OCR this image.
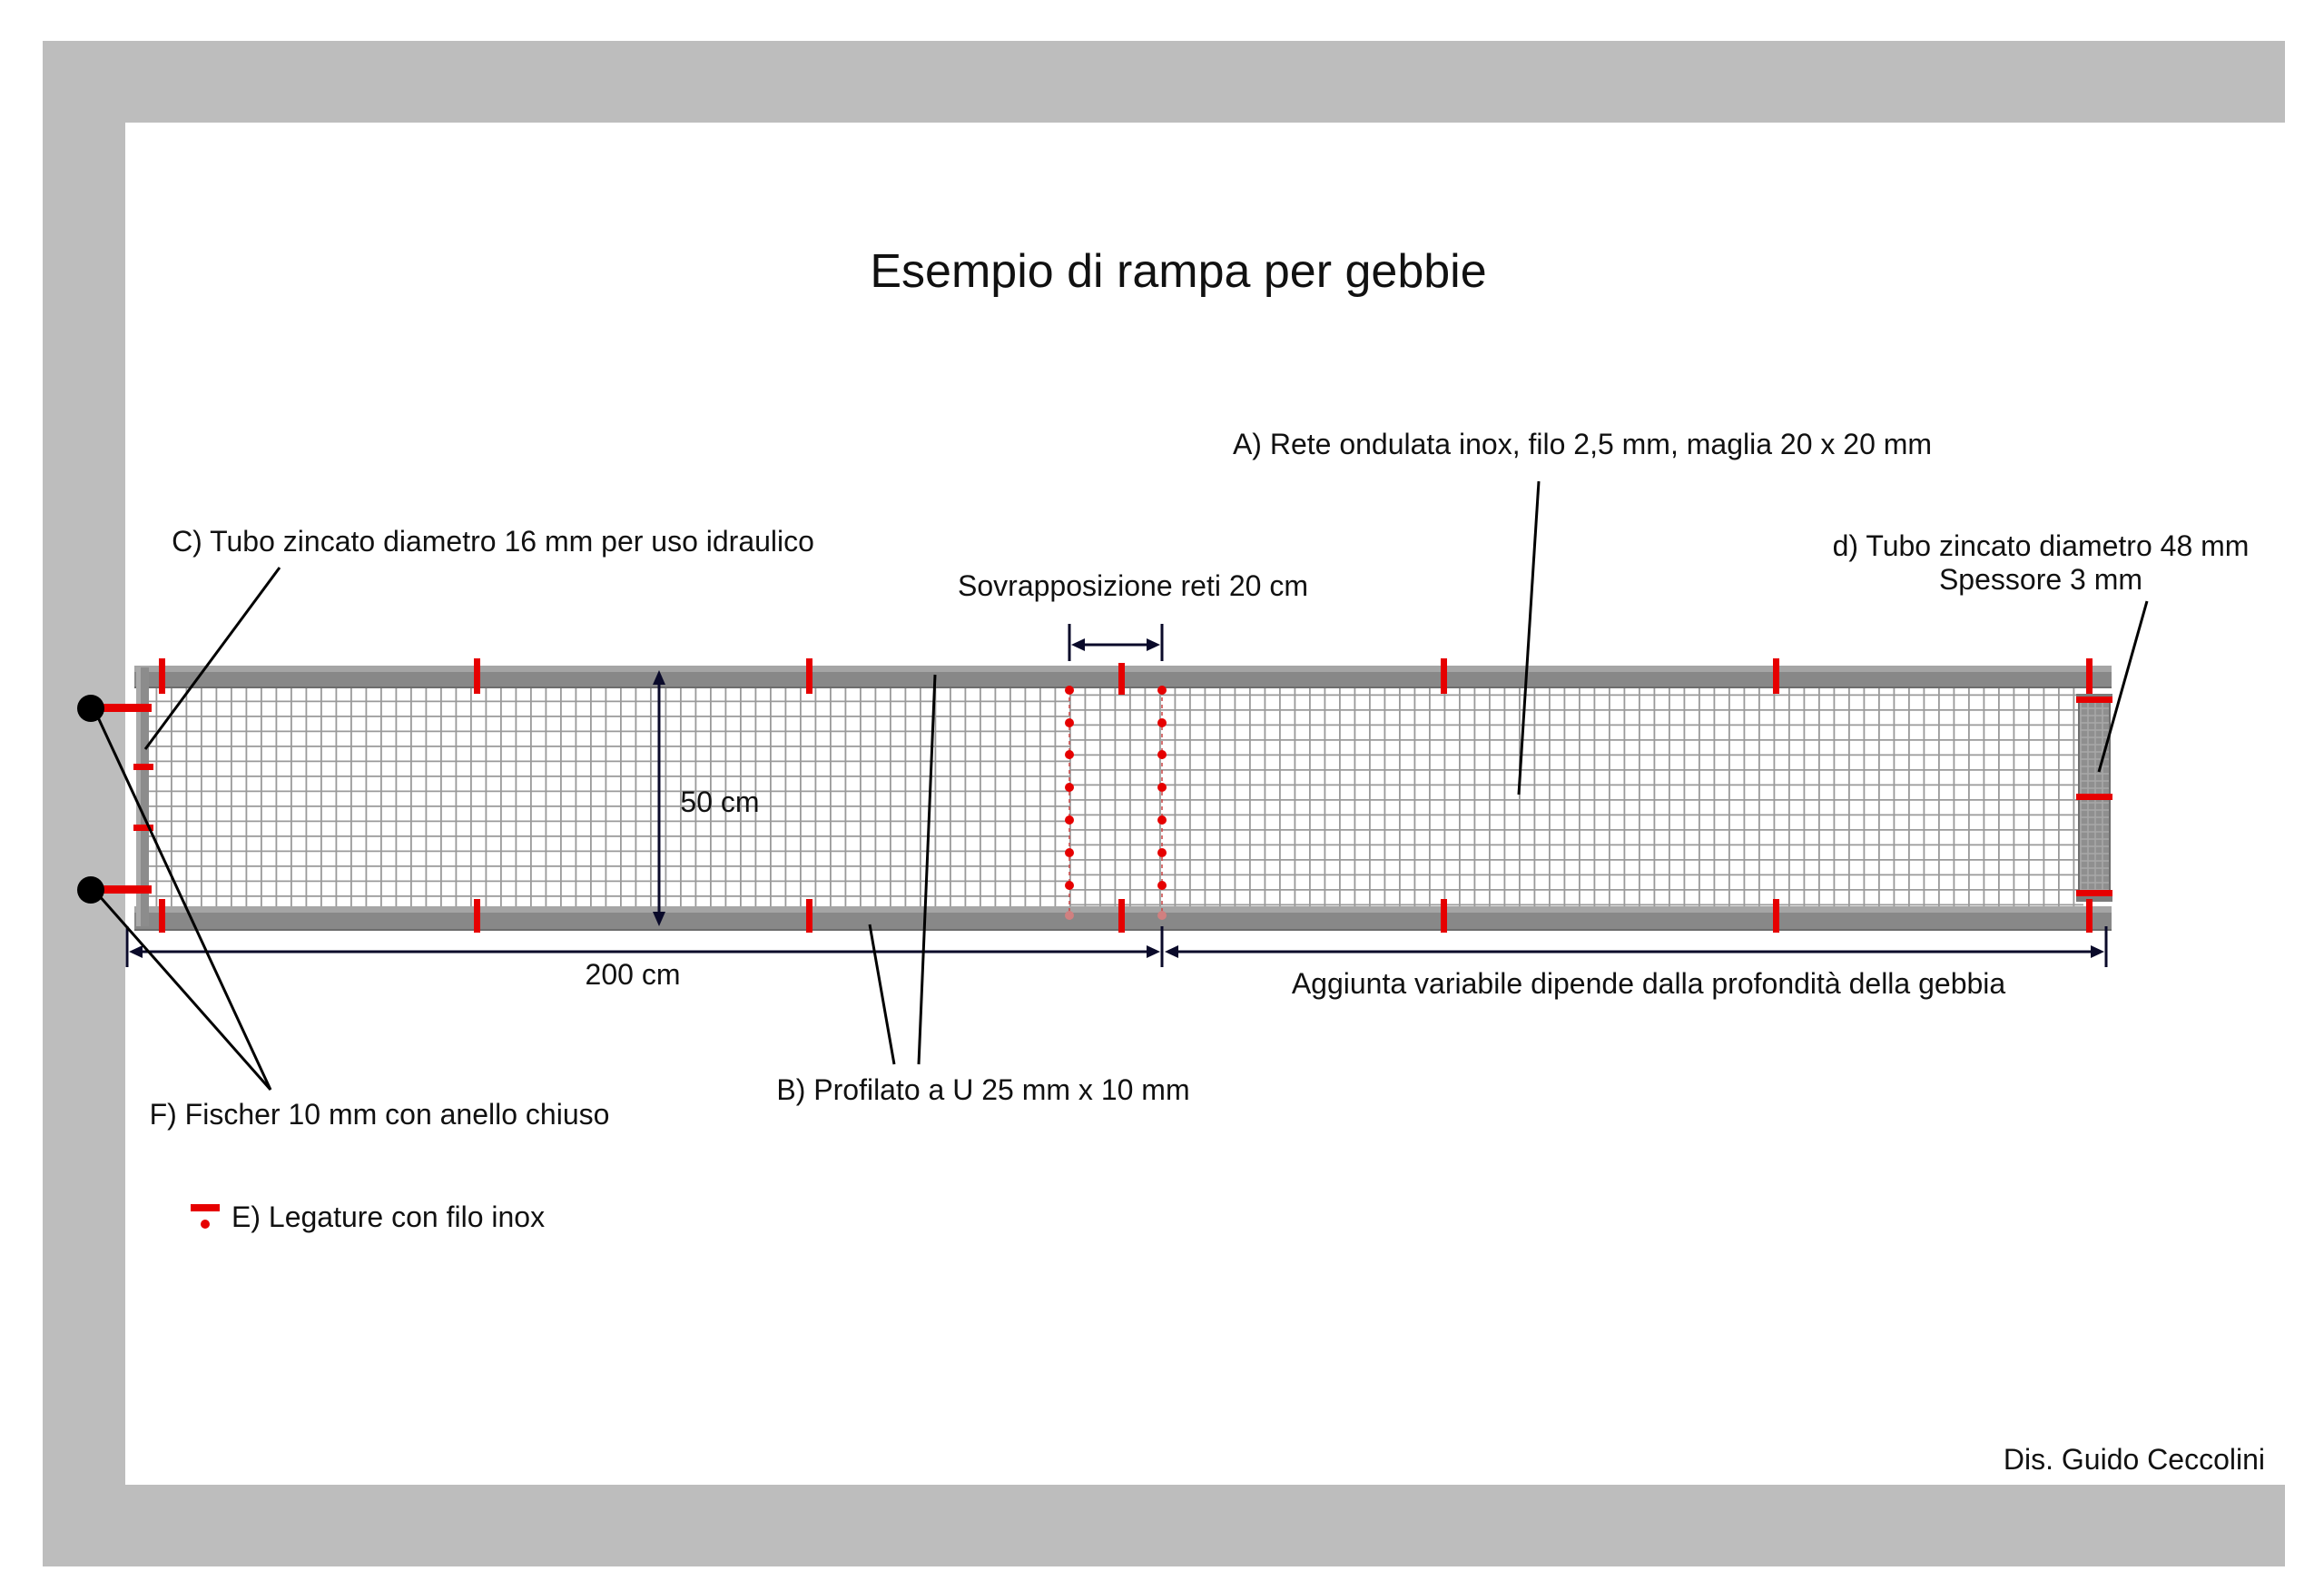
Esempio di rampa per gebbie
A) Rete ondulata inox, filo 2,5 mm, maglia 20 x 20 mm
C) Tubo zincato diametro 16 mm per uso idraulico	d) Tubo zincato diametro 48 mm
Spessore 3 mm
Sovrapposizione reti 20 cm
50 cm
200 cm	Aggiunta variabile dipende dalla profondità della gebbia
B) Profilato a U 25 mm x 10 mm
F) Fischer 10 mm con anello chiuso
E) Legature con filo inox
Dis. Guido Ceccolini
